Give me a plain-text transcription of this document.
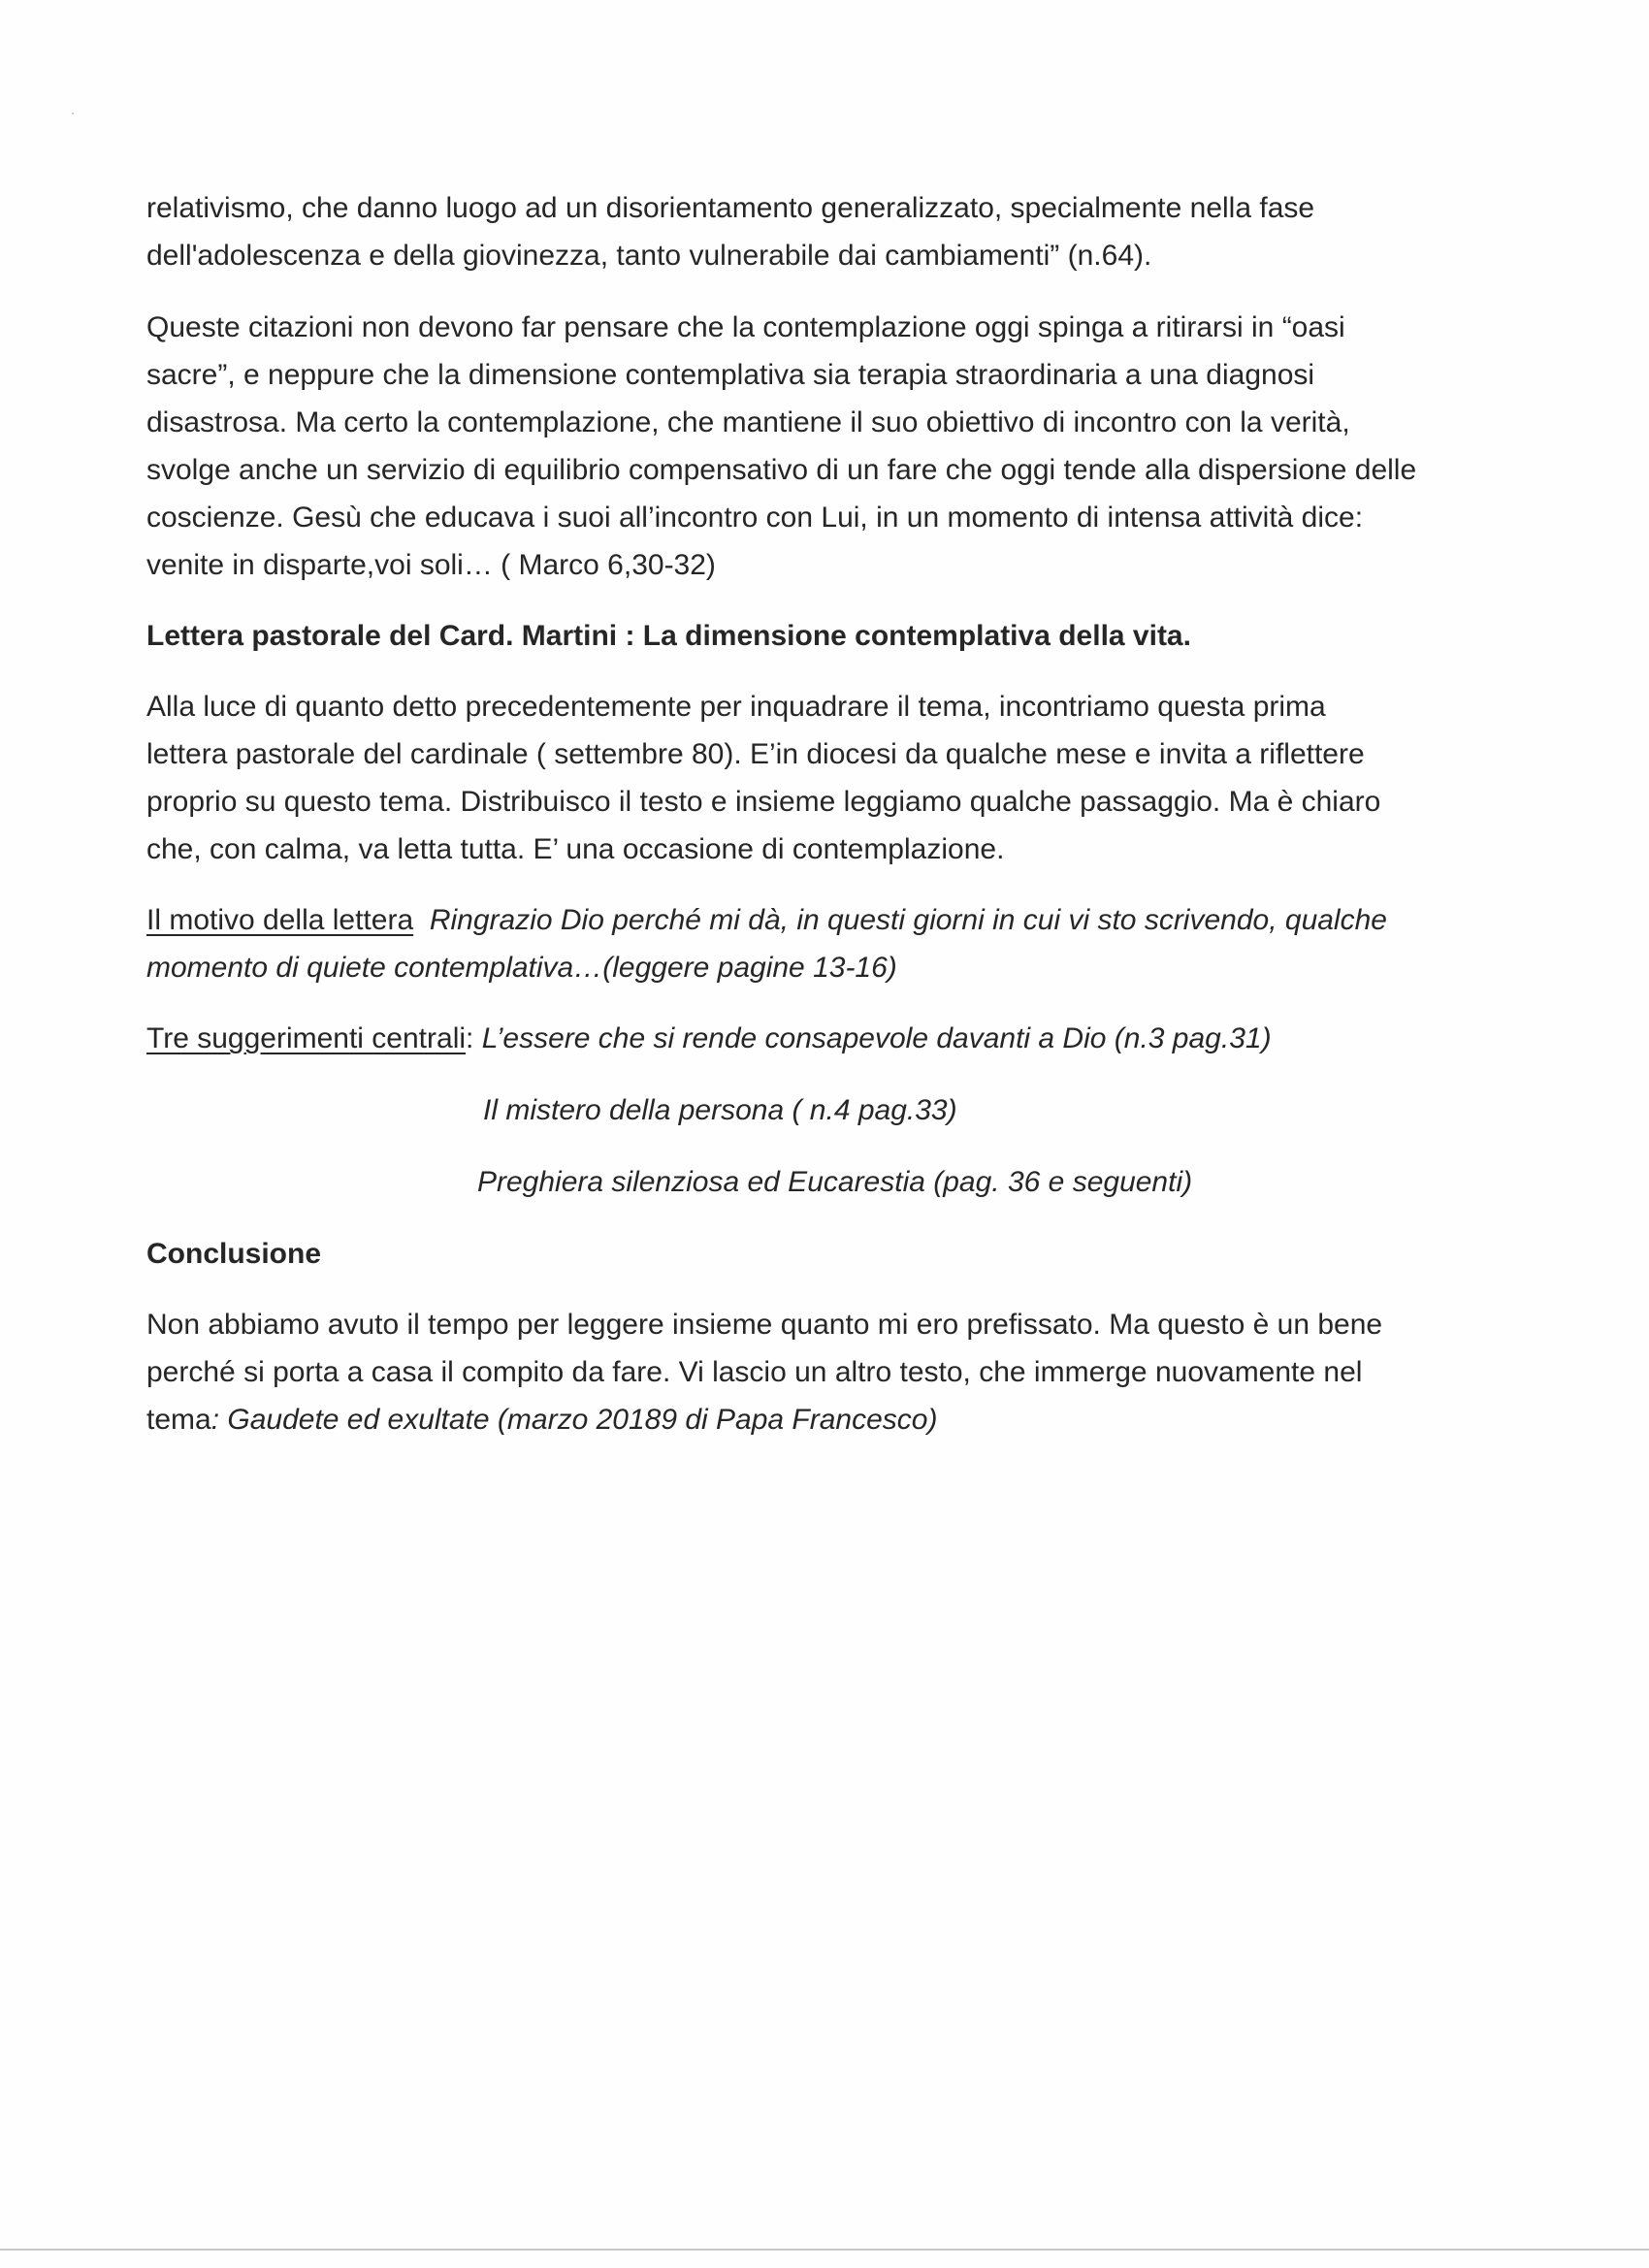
relativismo, che danno luogo ad un disorientamento generalizzato, specialmente nella fase
dell'adolescenza e della giovinezza, tanto vulnerabile dai cambiamenti” (n.64).
Queste citazioni non devono far pensare che la contemplazione oggi spinga a ritirarsi in “oasi
sacre”, e neppure che la dimensione contemplativa sia terapia straordinaria a una diagnosi
disastrosa. Ma certo la contemplazione, che mantiene il suo obiettivo di incontro con la verità,
svolge anche un servizio di equilibrio compensativo di un fare che oggi tende alla dispersione delle
coscienze. Gesù che educava i suoi all’incontro con Lui, in un momento di intensa attività dice:
venite in disparte,voi soli… ( Marco 6,30-32)
Lettera pastorale del Card. Martini : La dimensione contemplativa della vita.
Alla luce di quanto detto precedentemente per inquadrare il tema, incontriamo questa prima
lettera pastorale del cardinale ( settembre 80). E’in diocesi da qualche mese e invita a riflettere
proprio su questo tema. Distribuisco il testo e insieme leggiamo qualche passaggio. Ma è chiaro
che, con calma, va letta tutta. E’ una occasione di contemplazione.
Il motivo della lettera Ringrazio Dio perché mi dà, in questi giorni in cui vi sto scrivendo, qualche
momento di quiete contemplativa…(leggere pagine 13-16)
Tre suggerimenti centrali: L’essere che si rende consapevole davanti a Dio (n.3 pag.31)
Il mistero della persona ( n.4 pag.33)
Preghiera silenziosa ed Eucarestia (pag. 36 e seguenti)
Conclusione
Non abbiamo avuto il tempo per leggere insieme quanto mi ero prefissato. Ma questo è un bene
perché si porta a casa il compito da fare. Vi lascio un altro testo, che immerge nuovamente nel
tema: Gaudete ed exultate (marzo 20189 di Papa Francesco)
